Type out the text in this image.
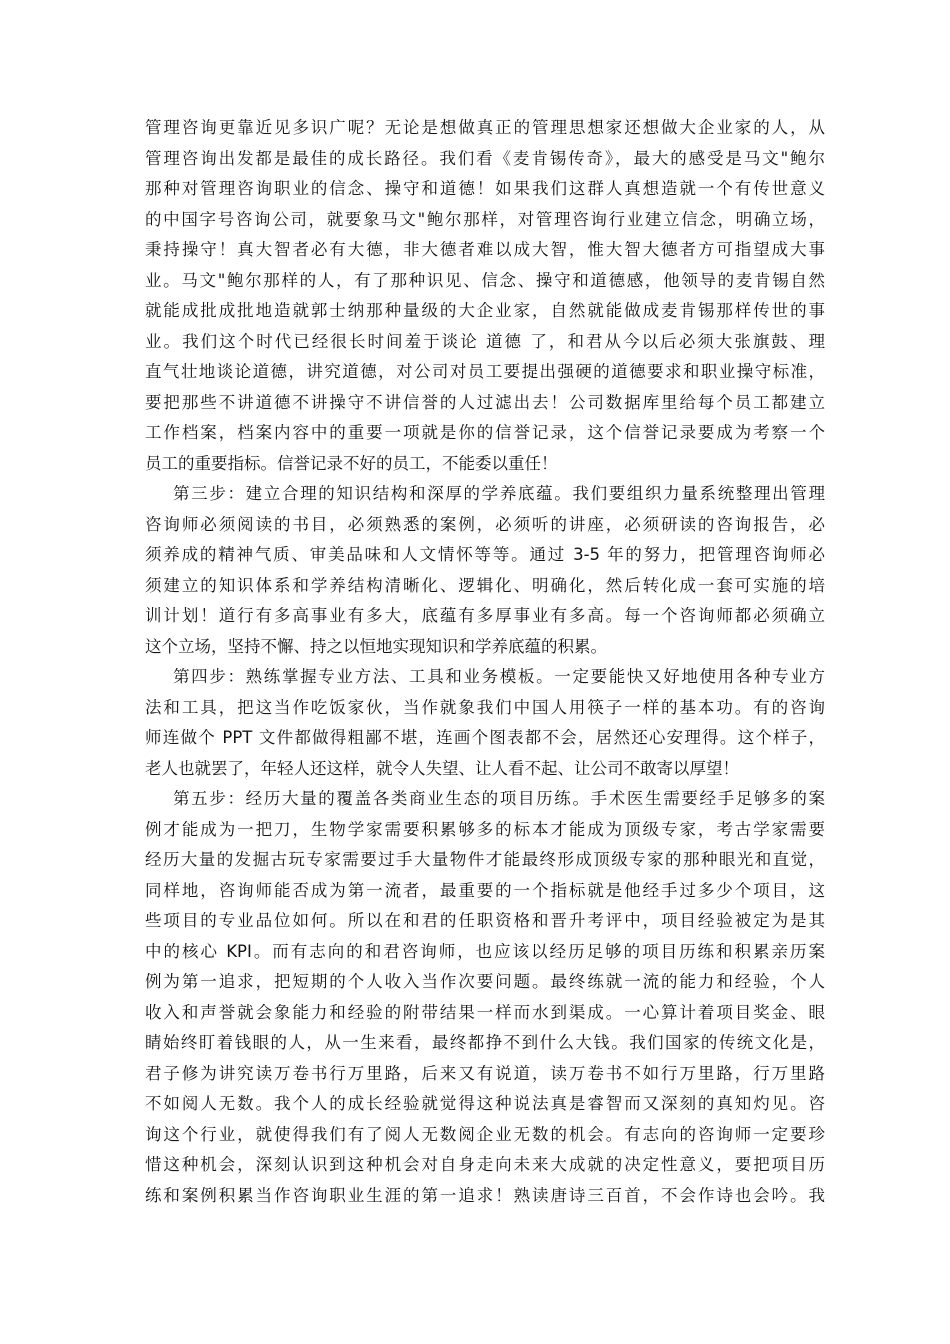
管理咨询更靠近见多识广呢？无论是想做真正的管理思想家还想做大企业家的人，从
管理咨询出发都是最佳的成长路径。我们看《麦肯锡传奇》，最大的感受是马文"鲍尔
那种对管理咨询职业的信念、操守和道德！如果我们这群人真想造就一个有传世意义
的中国字号咨询公司，就要象马文"鲍尔那样，对管理咨询行业建立信念，明确立场，
秉持操守！真大智者必有大德，非大德者难以成大智，惟大智大德者方可指望成大事
业。马文"鲍尔那样的人，有了那种识见、信念、操守和道德感，他领导的麦肯锡自然
就能成批成批地造就郭士纳那种量级的大企业家，自然就能做成麦肯锡那样传世的事
业。我们这个时代已经很长时间羞于谈论 道德 了，和君从今以后必须大张旗鼓、理
直气壮地谈论道德，讲究道德，对公司对员工要提出强硬的道德要求和职业操守标准，
要把那些不讲道德不讲操守不讲信誉的人过滤出去！公司数据库里给每个员工都建立
工作档案，档案内容中的重要一项就是你的信誉记录，这个信誉记录要成为考察一个
员工的重要指标。信誉记录不好的员工，不能委以重任！
第三步：建立合理的知识结构和深厚的学养底蕴。我们要组织力量系统整理出管理
咨询师必须阅读的书目，必须熟悉的案例，必须听的讲座，必须研读的咨询报告，必
须养成的精神气质、审美品味和人文情怀等等。通过 3-5 年的努力，把管理咨询师必
须建立的知识体系和学养结构清晰化、逻辑化、明确化，然后转化成一套可实施的培
训计划！道行有多高事业有多大，底蕴有多厚事业有多高。每一个咨询师都必须确立
这个立场，坚持不懈、持之以恒地实现知识和学养底蕴的积累。
第四步：熟练掌握专业方法、工具和业务模板。一定要能快又好地使用各种专业方
法和工具，把这当作吃饭家伙，当作就象我们中国人用筷子一样的基本功。有的咨询
师连做个 PPT 文件都做得粗鄙不堪，连画个图表都不会，居然还心安理得。这个样子，
老人也就罢了，年轻人还这样，就令人失望、让人看不起、让公司不敢寄以厚望！
第五步：经历大量的覆盖各类商业生态的项目历练。手术医生需要经手足够多的案
例才能成为一把刀，生物学家需要积累够多的标本才能成为顶级专家，考古学家需要
经历大量的发掘古玩专家需要过手大量物件才能最终形成顶级专家的那种眼光和直觉，
同样地，咨询师能否成为第一流者，最重要的一个指标就是他经手过多少个项目，这
些项目的专业品位如何。所以在和君的任职资格和晋升考评中，项目经验被定为是其
中的核心 KPI。而有志向的和君咨询师，也应该以经历足够的项目历练和积累亲历案
例为第一追求，把短期的个人收入当作次要问题。最终练就一流的能力和经验，个人
收入和声誉就会象能力和经验的附带结果一样而水到渠成。一心算计着项目奖金、眼
睛始终盯着钱眼的人，从一生来看，最终都挣不到什么大钱。我们国家的传统文化是，
君子修为讲究读万卷书行万里路，后来又有说道，读万卷书不如行万里路，行万里路
不如阅人无数。我个人的成长经验就觉得这种说法真是睿智而又深刻的真知灼见。咨
询这个行业，就使得我们有了阅人无数阅企业无数的机会。有志向的咨询师一定要珍
惜这种机会，深刻认识到这种机会对自身走向未来大成就的决定性意义，要把项目历
练和案例积累当作咨询职业生涯的第一追求！熟读唐诗三百首，不会作诗也会吟。我
